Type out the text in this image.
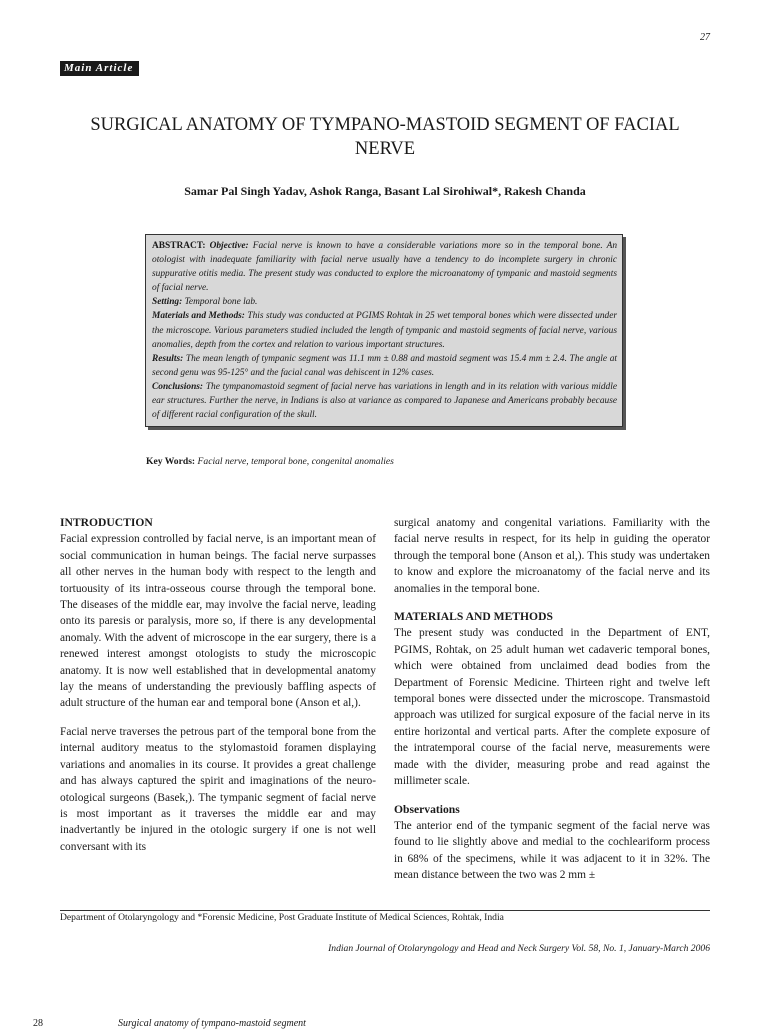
27
Main Article
SURGICAL ANATOMY OF TYMPANO-MASTOID SEGMENT OF FACIAL NERVE
Samar Pal Singh Yadav, Ashok Ranga, Basant Lal Sirohiwal*, Rakesh Chanda

ABSTRACT: Objective: Facial nerve is known to have a considerable variations more so in the temporal bone. An otologist with inadequate familiarity with facial nerve usually have a tendency to do incomplete surgery in chronic suppurative otitis media. The present study was conducted to explore the microanatomy of tympanic and mastoid segments of facial nerve.

Setting: Temporal bone lab.

Materials and Methods: This study was conducted at PGIMS Rohtak in 25 wet temporal bones which were dissected under the microscope. Various parameters studied included the length of tympanic and mastoid segments of facial nerve, various anomalies, depth from the cortex and relation to various important structures.

Results: The mean length of tympanic segment was 11.1 mm ± 0.88 and mastoid segment was 15.4 mm ± 2.4. The angle at second genu was 95-125° and the facial canal was dehiscent in 12% cases.

Conclusions: The tympanomastoid segment of facial nerve has variations in length and in its relation with various middle ear structures. Further the nerve, in Indians is also at variance as compared to Japanese and Americans probably because of different racial configuration of the skull.

Key Words: Facial nerve, temporal bone, congenital anomalies
INTRODUCTION

Facial expression controlled by facial nerve, is an important mean of social communication in human beings. The facial nerve surpasses all other nerves in the human body with respect to the length and tortuousity of its intra-osseous course through the temporal bone. The diseases of the middle ear, may involve the facial nerve, leading onto its paresis or paralysis, more so, if there is any developmental anomaly. With the advent of microscope in the ear surgery, there is a renewed interest amongst otologists to study the microscopic anatomy. It is now well established that in developmental anatomy lay the means of understanding the previously baffling aspects of adult structure of the human ear and temporal bone (Anson et al,).

Facial nerve traverses the petrous part of the temporal bone from the internal auditory meatus to the stylomastoid foramen displaying variations and anomalies in its course. It provides a great challenge and has always captured the spirit and imaginations of the neuro-otological surgeons (Basek,). The tympanic segment of facial nerve is most important as it traverses the middle ear and may inadvertantly be injured in the otologic surgery if one is not well conversant with its

surgical anatomy and congenital variations. Familiarity with the facial nerve results in respect, for its help in guiding the operator through the temporal bone (Anson et al,). This study was undertaken to know and explore the microanatomy of the facial nerve and its anomalies in the temporal bone.

MATERIALS AND METHODS

The present study was conducted in the Department of ENT, PGIMS, Rohtak, on 25 adult human wet cadaveric temporal bones, which were obtained from unclaimed dead bodies from the Department of Forensic Medicine. Thirteen right and twelve left temporal bones were dissected under the microscope. Transmastoid approach was utilized for surgical exposure of the facial nerve in its entire horizontal and vertical parts. After the complete exposure of the intratemporal course of the facial nerve, measurements were made with the divider, measuring probe and read against the millimeter scale.

Observations

The anterior end of the tympanic segment of the facial nerve was found to lie slightly above and medial to the cochleariform process in 68% of the specimens, while it was adjacent to it in 32%. The mean distance between the two was 2 mm ±

Department of Otolaryngology and *Forensic Medicine, Post Graduate Institute of Medical Sciences, Rohtak, India
Indian Journal of Otolaryngology and Head and Neck Surgery Vol. 58, No. 1, January-March 2006
28	Surgical anatomy of tympano-mastoid segment
